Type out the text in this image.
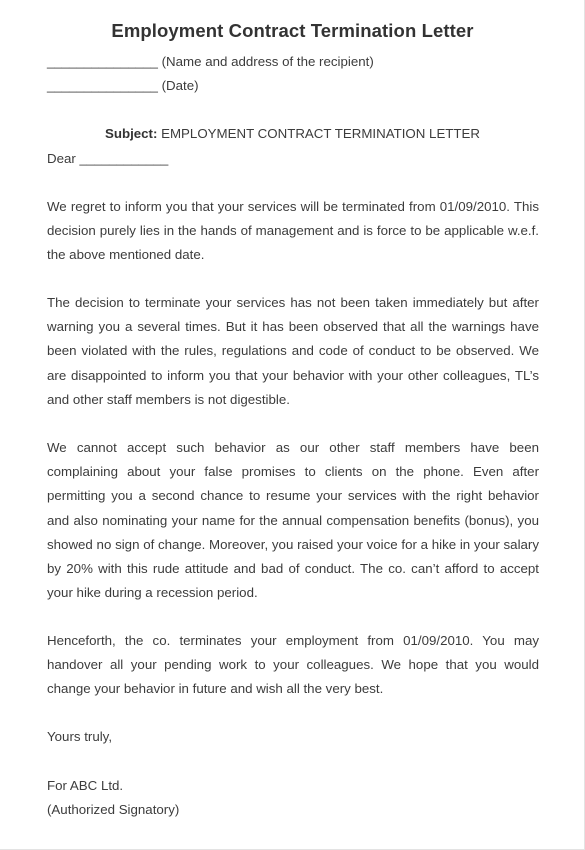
Employment Contract Termination Letter
_______________ (Name and address of the recipient)
_______________ (Date)
Subject: EMPLOYMENT CONTRACT TERMINATION LETTER
Dear ____________

We regret to inform you that your services will be terminated from 01/09/2010. This decision purely lies in the hands of management and is force to be applicable w.e.f. the above mentioned date.

The decision to terminate your services has not been taken immediately but after warning you a several times. But it has been observed that all the warnings have been violated with the rules, regulations and code of conduct to be observed. We are disappointed to inform you that your behavior with your other colleagues, TL’s and other staff members is not digestible.

We cannot accept such behavior as our other staff members have been complaining about your false promises to clients on the phone. Even after permitting you a second chance to resume your services with the right behavior and also nominating your name for the annual compensation benefits (bonus), you showed no sign of change. Moreover, you raised your voice for a hike in your salary by 20% with this rude attitude and bad of conduct. The co. can’t afford to accept your hike during a recession period.

Henceforth, the co. terminates your employment from 01/09/2010. You may handover all your pending work to your colleagues. We hope that you would change your behavior in future and wish all the very best.

Yours truly,
For ABC Ltd.
(Authorized Signatory)
